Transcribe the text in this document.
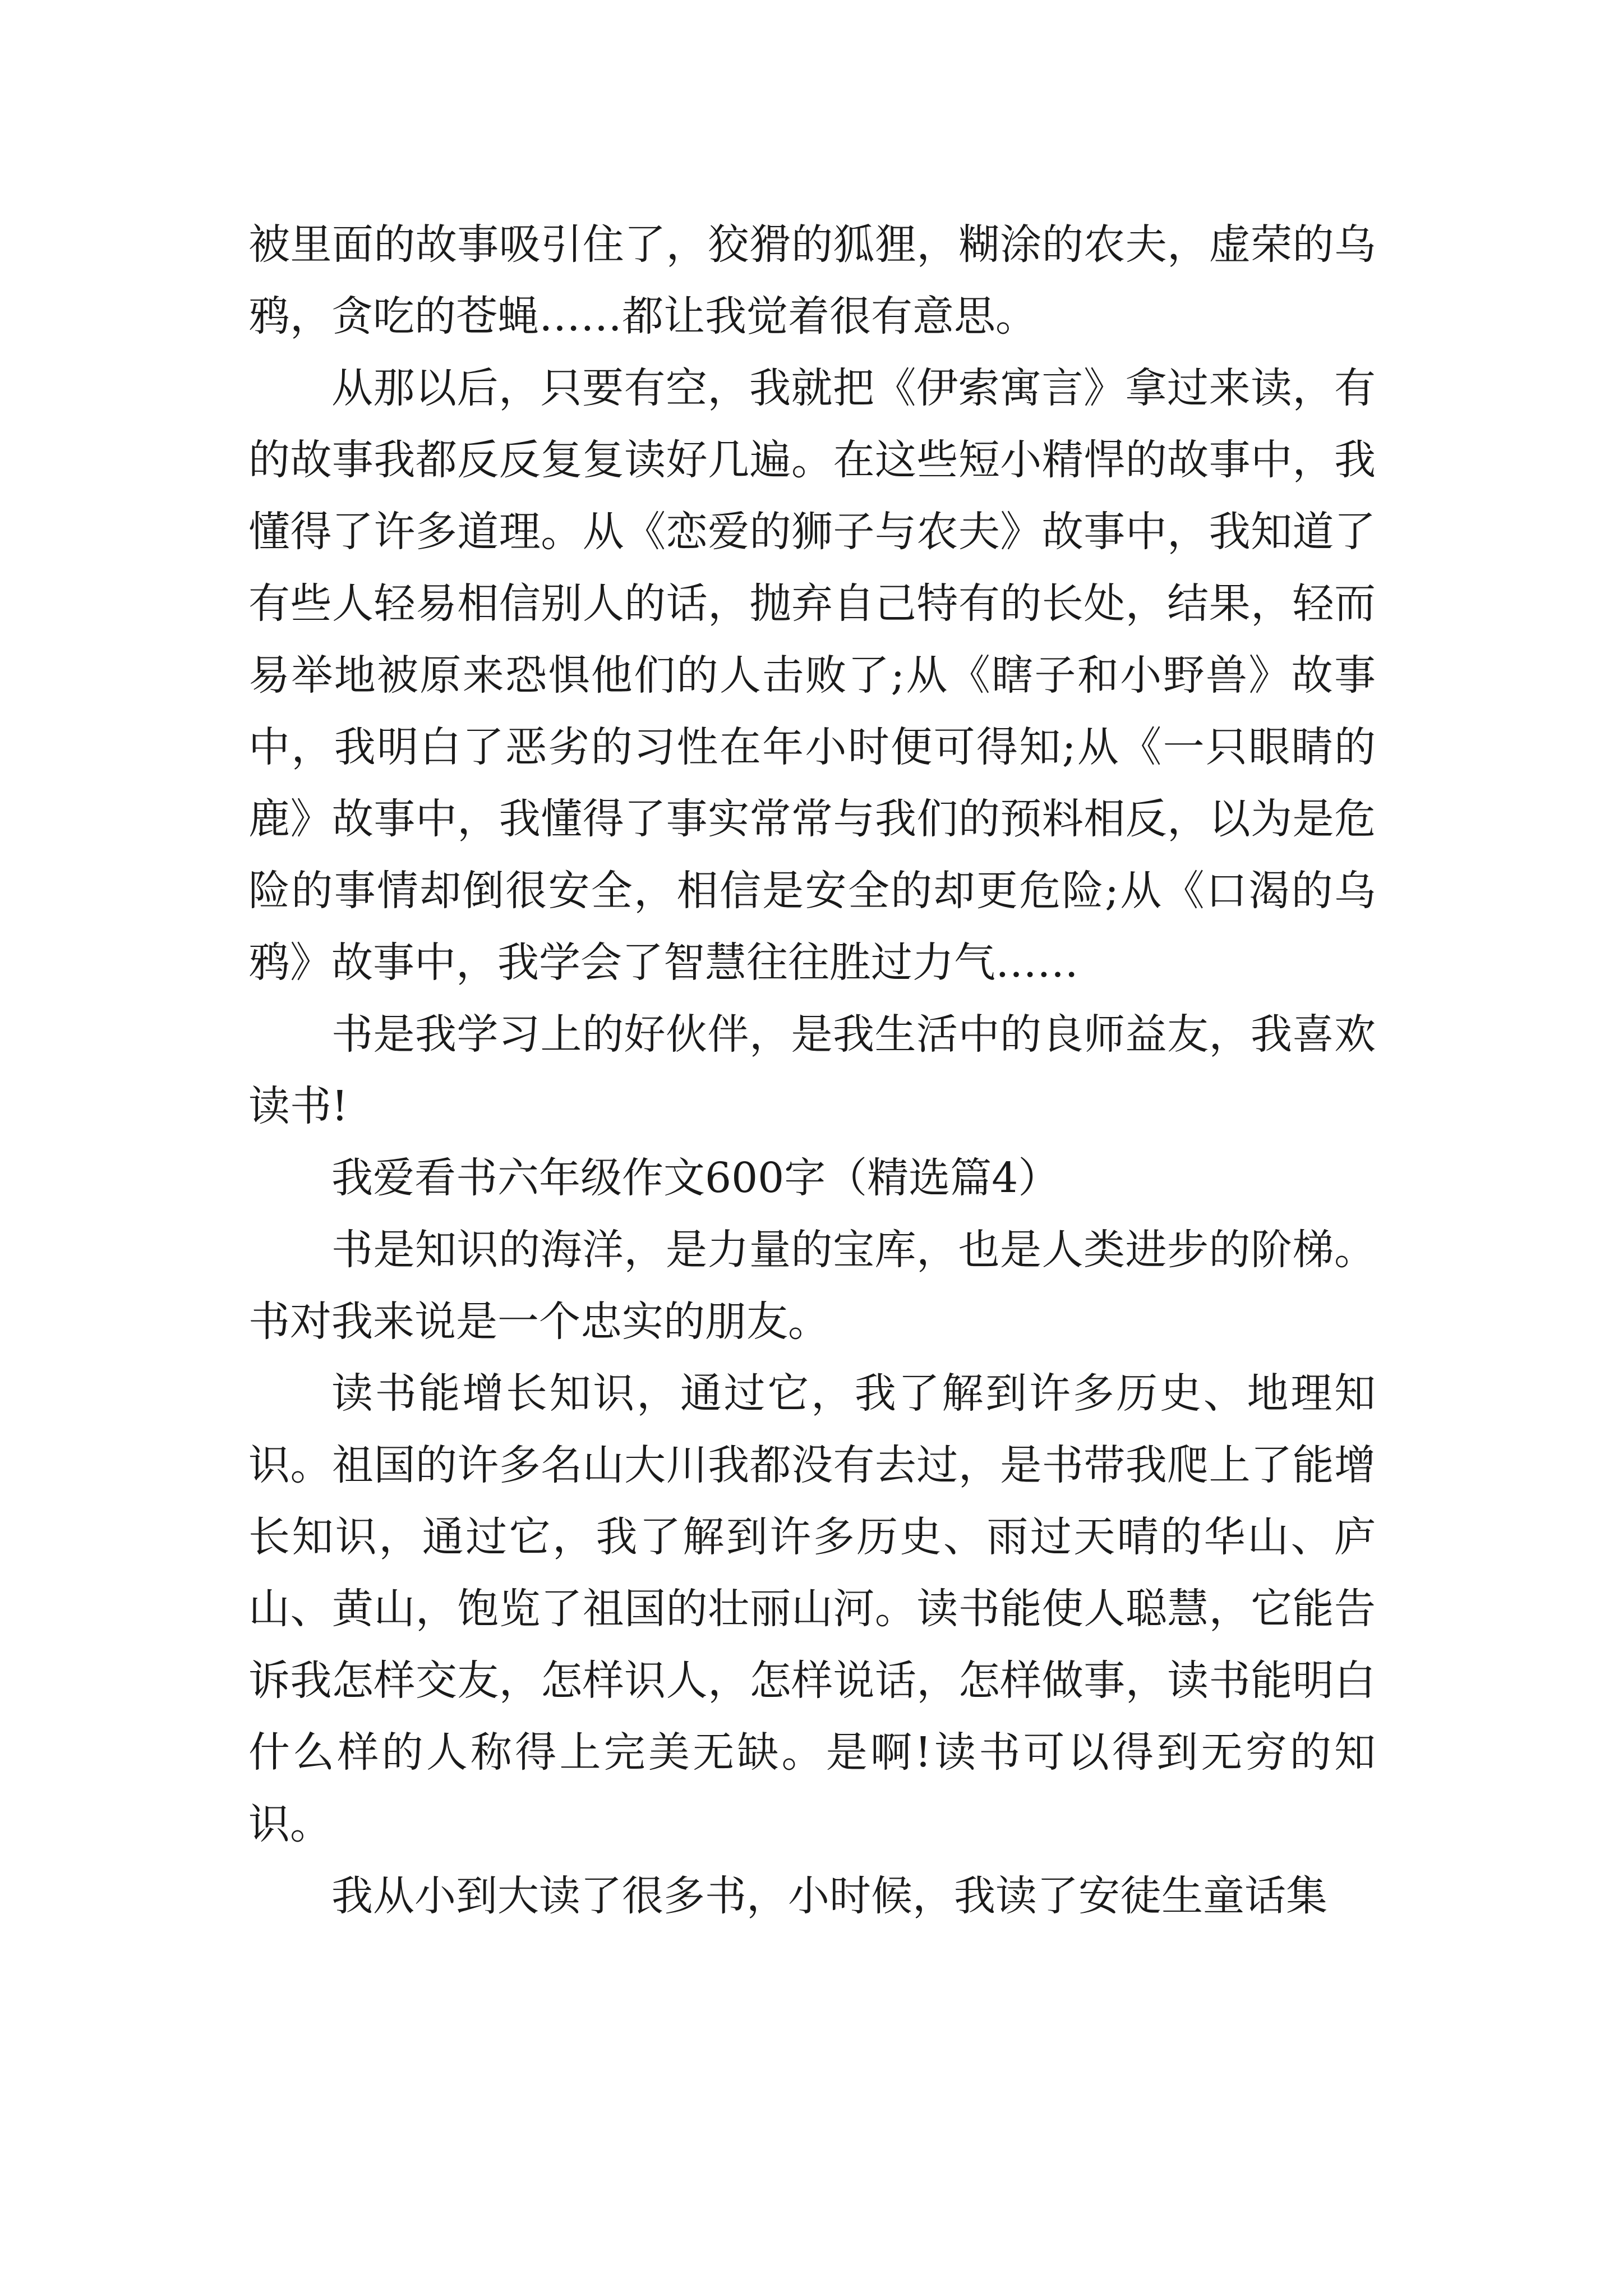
被里面的故事吸引住了，狡猾的狐狸，糊涂的农夫，虚荣的乌鸦，贪吃的苍蝇……都让我觉着很有意思。

从那以后，只要有空，我就把《伊索寓言》拿过来读，有的故事我都反反复复读好几遍。在这些短小精悍的故事中，我懂得了许多道理。从《恋爱的狮子与农夫》故事中，我知道了有些人轻易相信别人的话，抛弃自己特有的长处，结果，轻而易举地被原来恐惧他们的人击败了;从《瞎子和小野兽》故事中，我明白了恶劣的习性在年小时便可得知;从《一只眼睛的鹿》故事中，我懂得了事实常常与我们的预料相反，以为是危险的事情却倒很安全，相信是安全的却更危险;从《口渴的乌鸦》故事中，我学会了智慧往往胜过力气……

书是我学习上的好伙伴，是我生活中的良师益友，我喜欢读书!

我爱看书六年级作文600字（精选篇4）

书是知识的海洋，是力量的宝库，也是人类进步的阶梯。书对我来说是一个忠实的朋友。

读书能增长知识，通过它，我了解到许多历史、地理知识。祖国的许多名山大川我都没有去过，是书带我爬上了能增长知识，通过它，我了解到许多历史、雨过天晴的华山、庐山、黄山，饱览了祖国的壮丽山河。读书能使人聪慧，它能告诉我怎样交友，怎样识人，怎样说话，怎样做事，读书能明白什么样的人称得上完美无缺。是啊!读书可以得到无穷的知识。

我从小到大读了很多书，小时候，我读了安徒生童话集
